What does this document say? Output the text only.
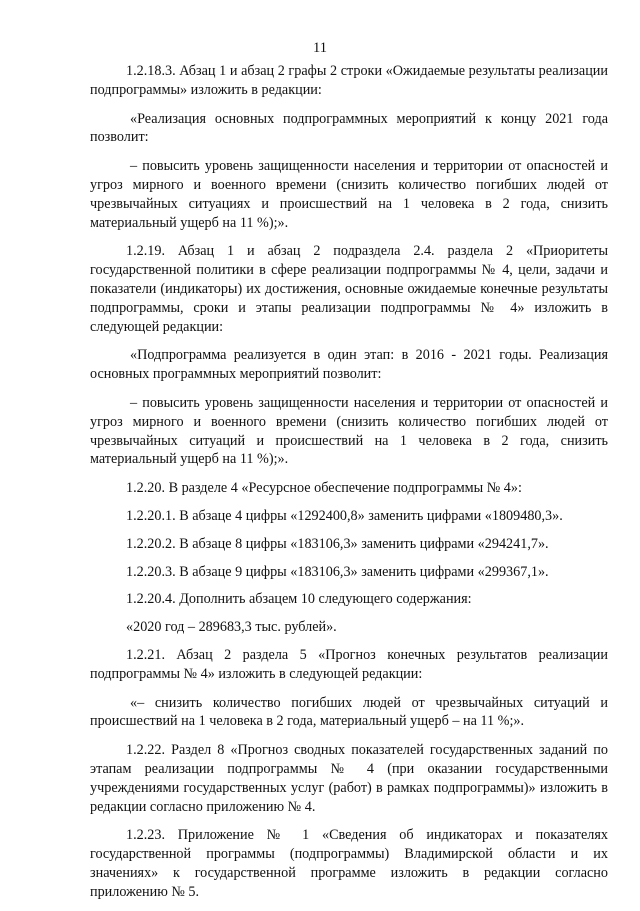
11

1.2.18.3. Абзац 1 и абзац 2 графы 2 строки «Ожидаемые результаты реализации подпрограммы» изложить в редакции:

«Реализация основных подпрограммных мероприятий к концу 2021 года позволит:

– повысить уровень защищенности населения и территории от опасностей и угроз мирного и военного времени (снизить количество погибших людей от чрезвычайных ситуациях и происшествий на 1 человека в 2 года, снизить материальный ущерб на 11 %);».

1.2.19. Абзац 1 и абзац 2 подраздела 2.4. раздела 2 «Приоритеты государственной политики в сфере реализации подпрограммы № 4, цели, задачи и показатели (индикаторы) их достижения, основные ожидаемые конечные результаты подпрограммы, сроки и этапы реализации подпрограммы № 4» изложить в следующей редакции:

«Подпрограмма реализуется в один этап: в 2016 - 2021 годы. Реализация основных программных мероприятий позволит:

– повысить уровень защищенности населения и территории от опасностей и угроз мирного и военного времени (снизить количество погибших людей от чрезвычайных ситуаций и происшествий на 1 человека в 2 года, снизить материальный ущерб на 11 %);».

1.2.20. В разделе 4 «Ресурсное обеспечение подпрограммы № 4»:

1.2.20.1. В абзаце 4 цифры «1292400,8» заменить цифрами «1809480,3».

1.2.20.2. В абзаце 8 цифры «183106,3» заменить цифрами «294241,7».

1.2.20.3. В абзаце 9 цифры «183106,3» заменить цифрами «299367,1».

1.2.20.4. Дополнить абзацем 10 следующего содержания:

«2020 год – 289683,3 тыс. рублей».

1.2.21. Абзац 2 раздела 5 «Прогноз конечных результатов реализации подпрограммы № 4» изложить в следующей редакции:

«– снизить количество погибших людей от чрезвычайных ситуаций и происшествий на 1 человека в 2 года, материальный ущерб – на 11 %;».

1.2.22. Раздел 8 «Прогноз сводных показателей государственных заданий по этапам реализации подпрограммы № 4 (при оказании государственными учреждениями государственных услуг (работ) в рамках подпрограммы)» изложить в редакции согласно приложению № 4.

1.2.23. Приложение № 1 «Сведения об индикаторах и показателях государственной программы (подпрограммы) Владимирской области и их значениях» к государственной программе изложить в редакции согласно приложению № 5.
